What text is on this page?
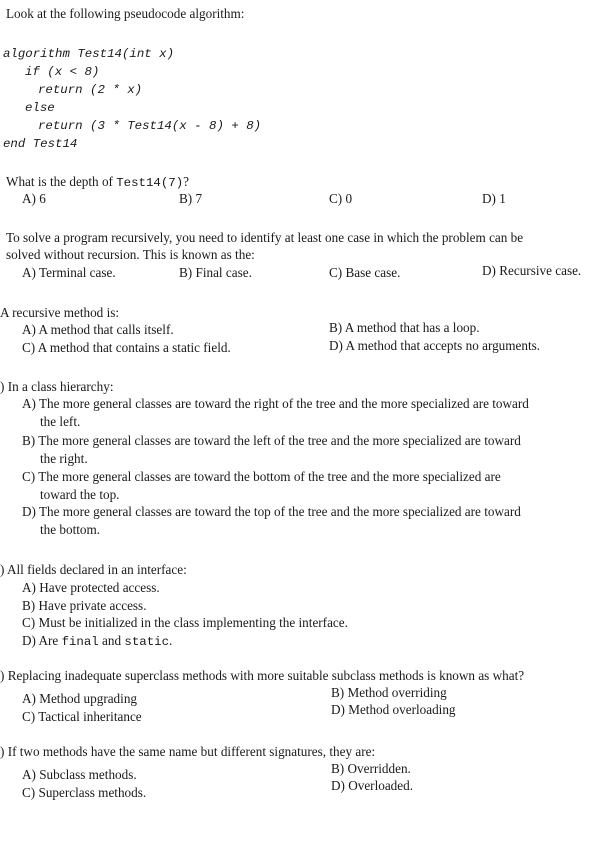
Look at the following pseudocode algorithm:
algorithm Test14(int x)
if (x < 8)
return (2 * x)
else
return (3 * Test14(x - 8) + 8)
end Test14
What is the depth of Test14(7)?
A) 6	B) 7	C) 0	D) 1
To solve a program recursively, you need to identify at least one case in which the problem can be
solved without recursion. This is known as the:
A) Terminal case.	B) Final case.	C) Base case.	D) Recursive case.
A recursive method is:
A) A method that calls itself.	B) A method that has a loop.
C) A method that contains a static field.	D) A method that accepts no arguments.
) In a class hierarchy:
A) The more general classes are toward the right of the tree and the more specialized are toward
the left.
B) The more general classes are toward the left of the tree and the more specialized are toward
the right.
C) The more general classes are toward the bottom of the tree and the more specialized are
toward the top.
D) The more general classes are toward the top of the tree and the more specialized are toward
the bottom.
) All fields declared in an interface:
A) Have protected access.
B) Have private access.
C) Must be initialized in the class implementing the interface.
D) Are final and static.
) Replacing inadequate superclass methods with more suitable subclass methods is known as what?
A) Method upgrading	B) Method overriding
C) Tactical inheritance	D) Method overloading
) If two methods have the same name but different signatures, they are:
A) Subclass methods.	B) Overridden.
C) Superclass methods.	D) Overloaded.
